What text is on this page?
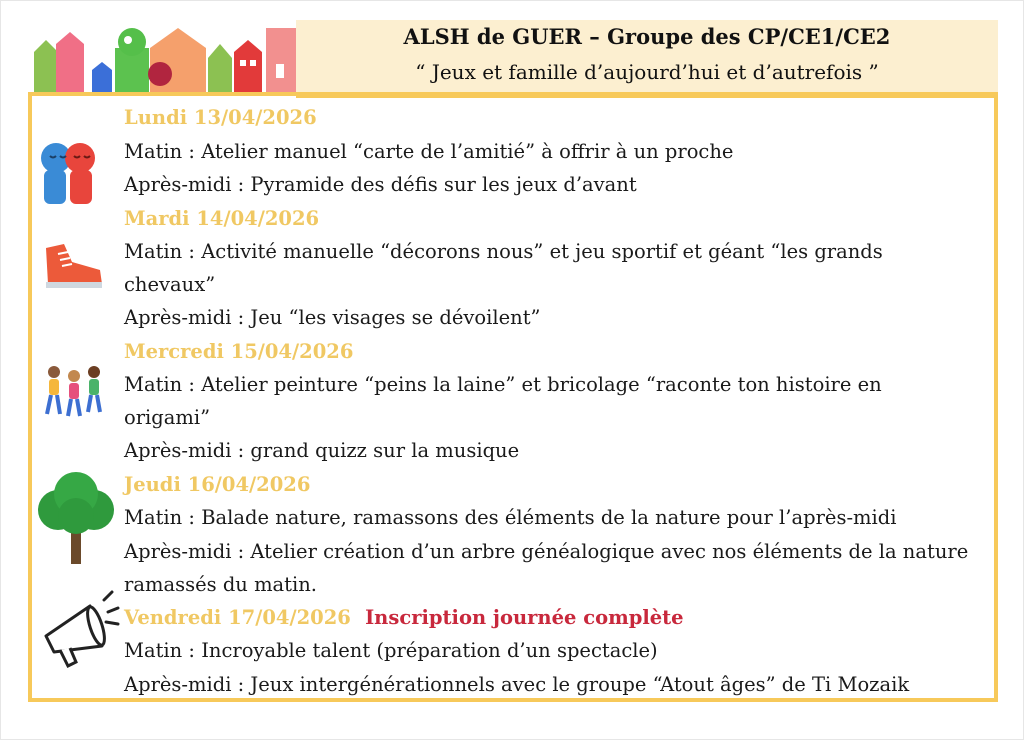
ALSH de GUER – Groupe des CP/CE1/CE2
“ Jeux et famille d’aujourd’hui et d’autrefois ”
Lundi 13/04/2026
Matin : Atelier manuel “carte de l’amitié” à offrir à un proche
Après-midi : Pyramide des défis sur les jeux d’avant
Mardi 14/04/2026
Matin : Activité manuelle “décorons nous” et jeu sportif et géant “les grands chevaux”
Après-midi : Jeu “les visages se dévoilent”
Mercredi 15/04/2026
Matin : Atelier peinture “peins la laine” et bricolage “raconte ton histoire en origami”
Après-midi : grand quizz sur la musique
Jeudi 16/04/2026
Matin : Balade nature, ramassons des éléments de la nature pour l’après-midi
Après-midi : Atelier création d’un arbre généalogique avec nos éléments de la nature ramassés du matin.
Vendredi 17/04/2026 Inscription journée complète
Matin : Incroyable talent (préparation d’un spectacle)
Après-midi : Jeux intergénérationnels avec le groupe “Atout âges” de Ti Mozaik
